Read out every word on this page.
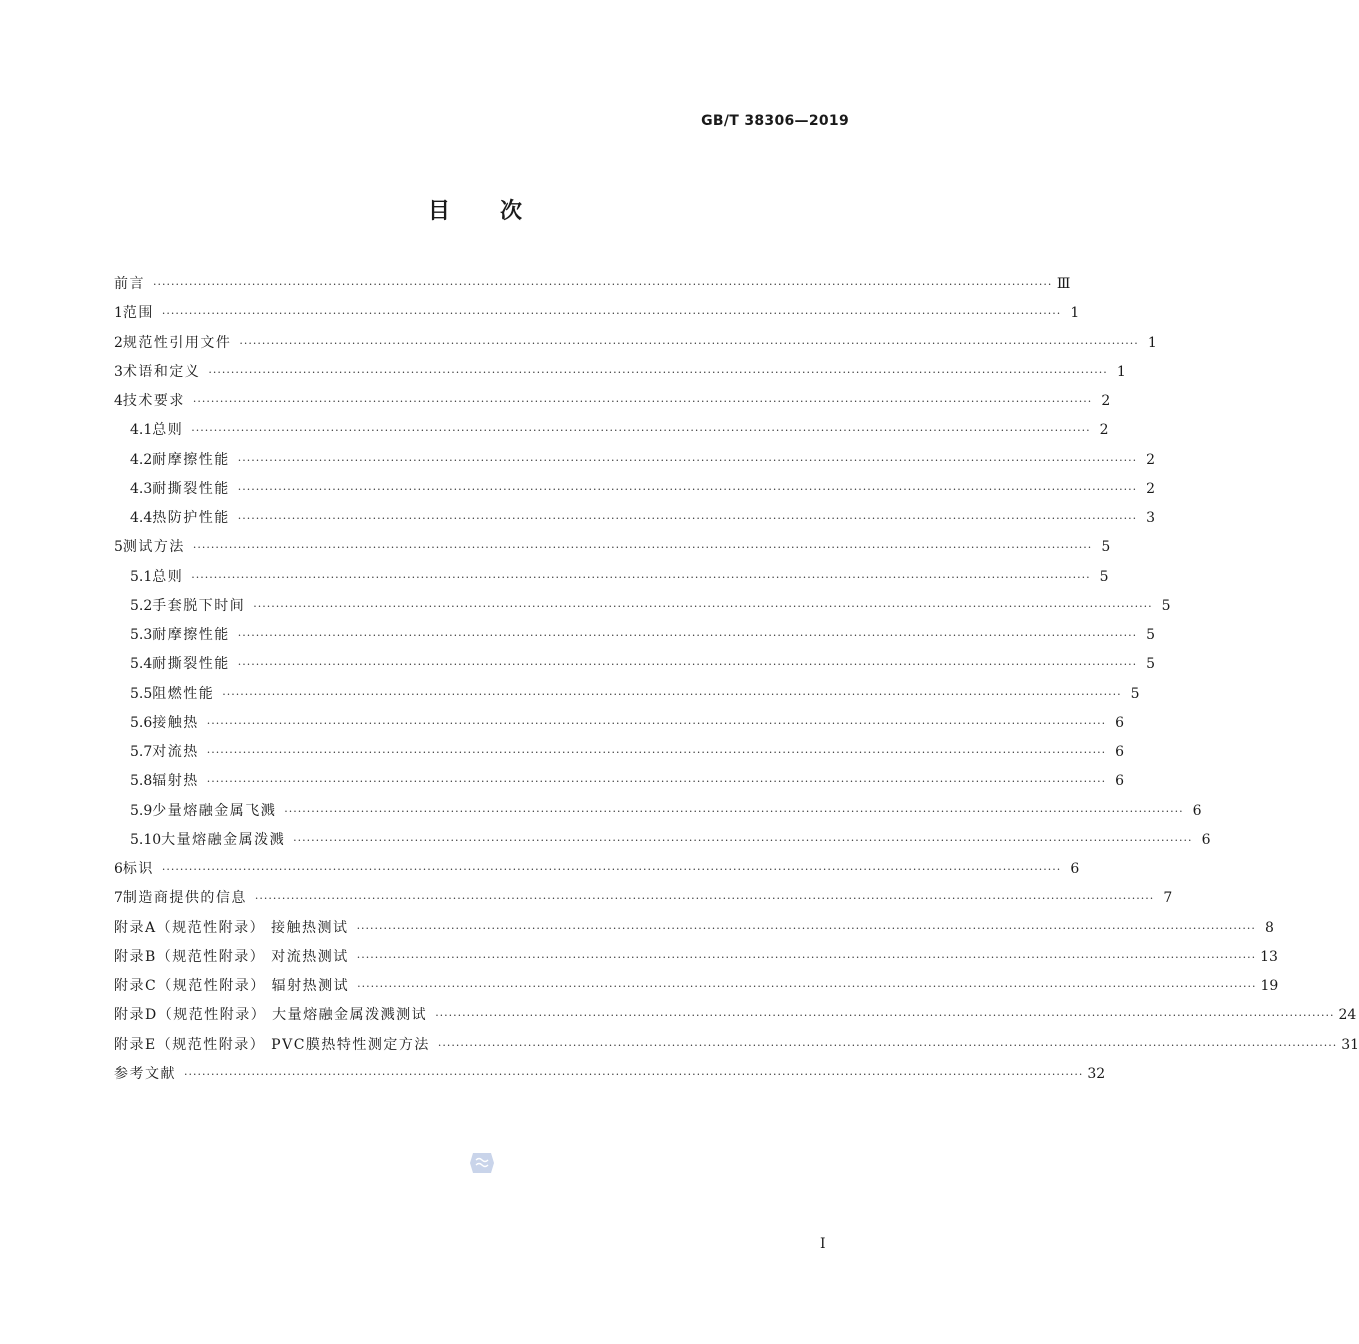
GB/T 38306—2019
目次
前言 ········································································································································································································ Ⅲ
1 范围 ········································································································································································································ 1
2 规范性引用文件 ········································································································································································································ 1
3 术语和定义 ········································································································································································································ 1
4 技术要求 ········································································································································································································ 2
4.1 总则 ········································································································································································································ 2
4.2 耐摩擦性能 ········································································································································································································ 2
4.3 耐撕裂性能 ········································································································································································································ 2
4.4 热防护性能 ········································································································································································································ 3
5 测试方法 ········································································································································································································ 5
5.1 总则 ········································································································································································································ 5
5.2 手套脱下时间 ········································································································································································································ 5
5.3 耐摩擦性能 ········································································································································································································ 5
5.4 耐撕裂性能 ········································································································································································································ 5
5.5 阻燃性能 ········································································································································································································ 5
5.6 接触热 ········································································································································································································ 6
5.7 对流热 ········································································································································································································ 6
5.8 辐射热 ········································································································································································································ 6
5.9 少量熔融金属飞溅 ········································································································································································································ 6
5.10 大量熔融金属泼溅 ········································································································································································································ 6
6 标识 ········································································································································································································ 6
7 制造商提供的信息 ········································································································································································································ 7
附录A（规范性附录） 接触热测试 ········································································································································································································ 8
附录B（规范性附录） 对流热测试 ········································································································································································································ 13
附录C（规范性附录） 辐射热测试 ········································································································································································································ 19
附录D（规范性附录） 大量熔融金属泼溅测试 ········································································································································································································ 24
附录E（规范性附录） PVC膜热特性测定方法 ········································································································································································································ 31
参考文献 ········································································································································································································ 32
Ⅰ
